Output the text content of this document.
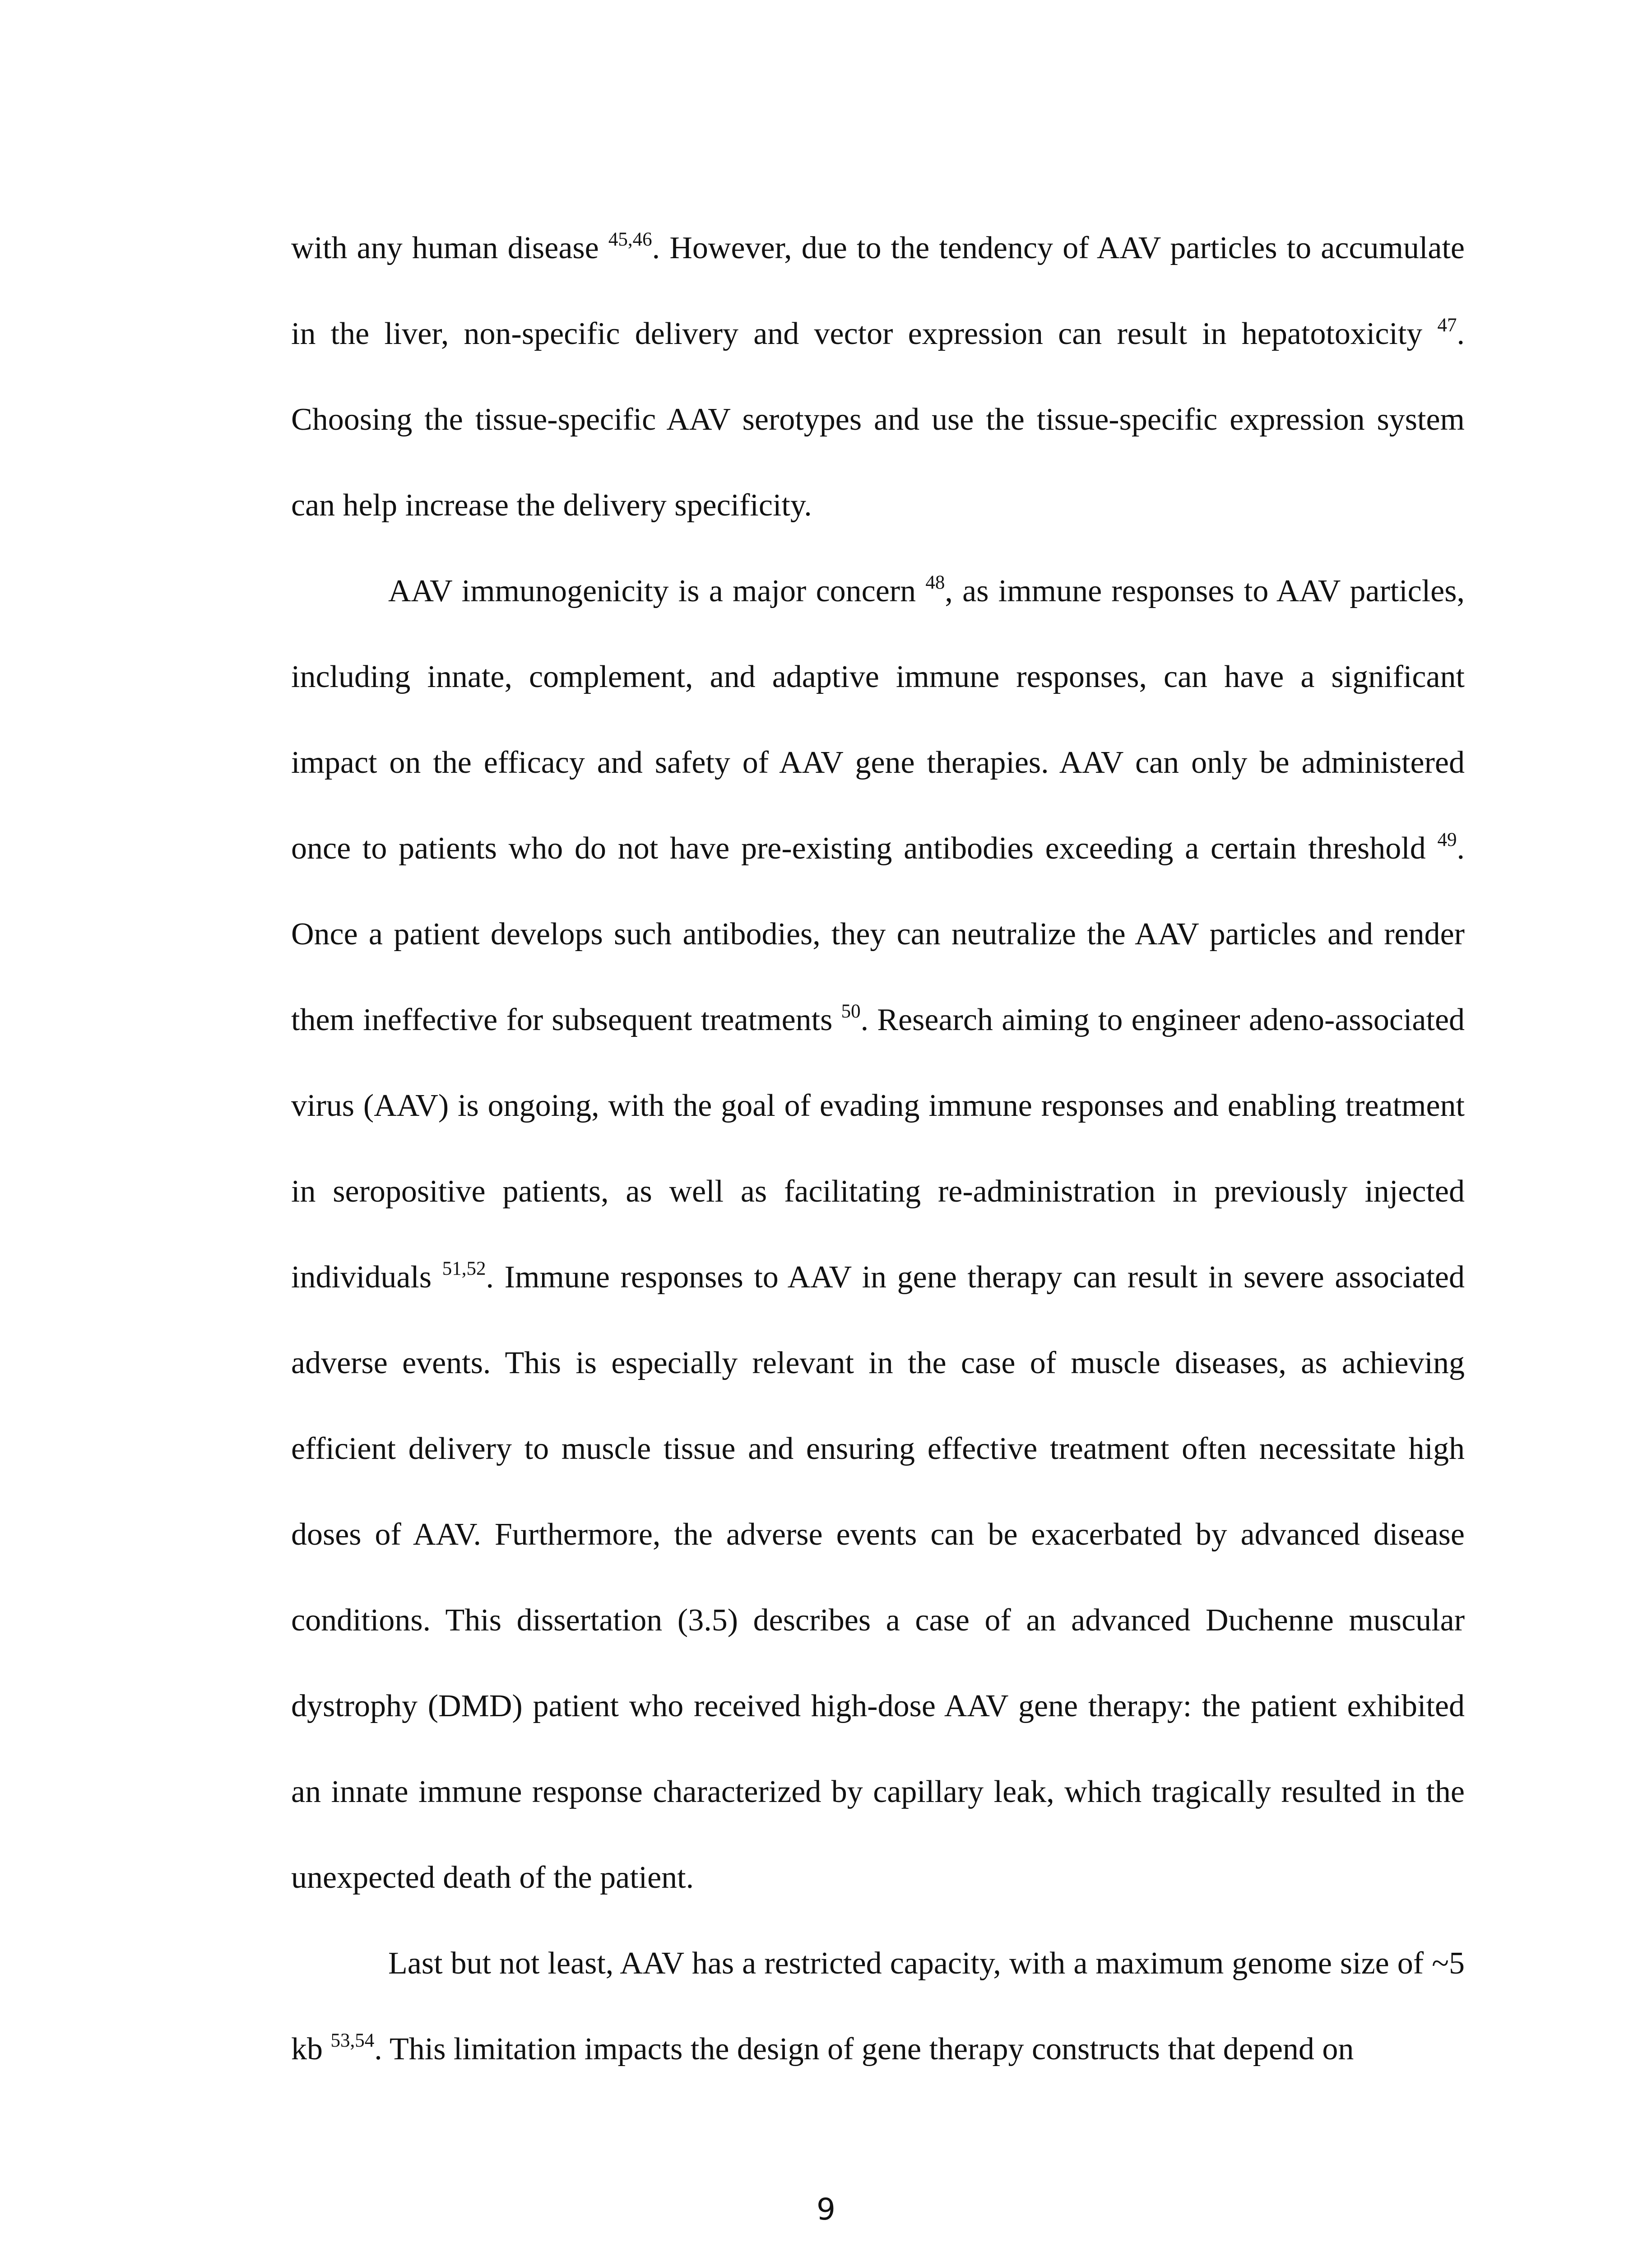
with any human disease $^{45,46}$. However, due to the tendency of AAV particles to accumulate in the liver, non-specific delivery and vector expression can result in hepatotoxicity $^{47}$. Choosing the tissue-specific AAV serotypes and use the tissue-specific expression system can help increase the delivery specificity.

AAV immunogenicity is a major concern $^{48}$, as immune responses to AAV particles, including innate, complement, and adaptive immune responses, can have a significant impact on the efficacy and safety of AAV gene therapies. AAV can only be administered once to patients who do not have pre-existing antibodies exceeding a certain threshold $^{49}$. Once a patient develops such antibodies, they can neutralize the AAV particles and render them ineffective for subsequent treatments $^{50}$. Research aiming to engineer adeno-associated virus (AAV) is ongoing, with the goal of evading immune responses and enabling treatment in seropositive patients, as well as facilitating re-administration in previously injected individuals $^{51,52}$. Immune responses to AAV in gene therapy can result in severe associated adverse events. This is especially relevant in the case of muscle diseases, as achieving efficient delivery to muscle tissue and ensuring effective treatment often necessitate high doses of AAV. Furthermore, the adverse events can be exacerbated by advanced disease conditions. This dissertation (3.5) describes a case of an advanced Duchenne muscular dystrophy (DMD) patient who received high-dose AAV gene therapy: the patient exhibited an innate immune response characterized by capillary leak, which tragically resulted in the unexpected death of the patient.

Last but not least, AAV has a restricted capacity, with a maximum genome size of ~5 kb $^{53,54}$. This limitation impacts the design of gene therapy constructs that depend on

9
